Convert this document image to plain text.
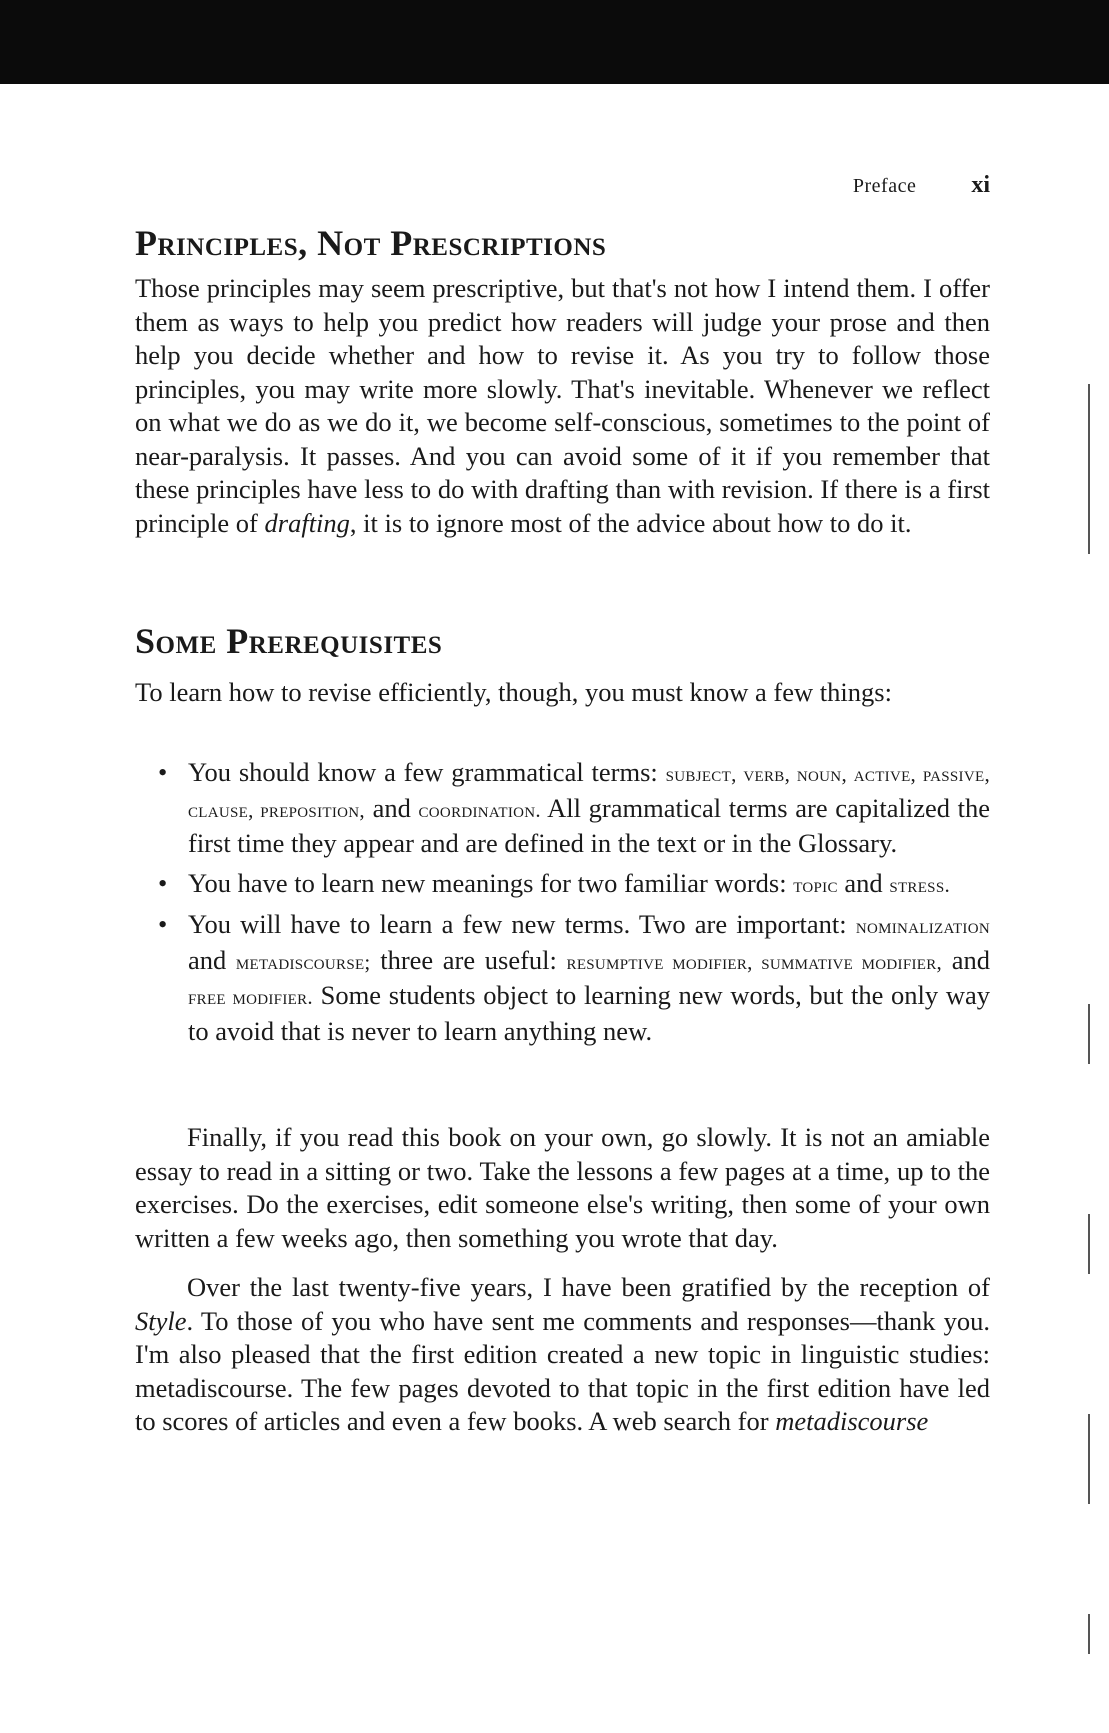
Preface xi
Principles, Not Prescriptions

Those principles may seem prescriptive, but that's not how I intend them. I offer them as ways to help you predict how readers will judge your prose and then help you decide whether and how to revise it. As you try to follow those principles, you may write more slowly. That's inevitable. Whenever we reflect on what we do as we do it, we become self-conscious, sometimes to the point of near-paralysis. It passes. And you can avoid some of it if you remember that these principles have less to do with drafting than with revision. If there is a first principle of drafting, it is to ignore most of the advice about how to do it.

Some Prerequisites

To learn how to revise efficiently, though, you must know a few things:

• You should know a few grammatical terms: subject, verb, noun, active, passive, clause, preposition, and coordination. All grammatical terms are capitalized the first time they appear and are defined in the text or in the Glossary.
• You have to learn new meanings for two familiar words: topic and stress.
• You will have to learn a few new terms. Two are important: nominalization and metadiscourse; three are useful: resumptive modifier, summative modifier, and free modifier. Some students object to learning new words, but the only way to avoid that is never to learn anything new.

Finally, if you read this book on your own, go slowly. It is not an amiable essay to read in a sitting or two. Take the lessons a few pages at a time, up to the exercises. Do the exercises, edit someone else's writing, then some of your own written a few weeks ago, then something you wrote that day.

Over the last twenty-five years, I have been gratified by the reception of Style. To those of you who have sent me comments and responses—thank you. I'm also pleased that the first edition created a new topic in linguistic studies: metadiscourse. The few pages devoted to that topic in the first edition have led to scores of articles and even a few books. A web search for metadiscourse
